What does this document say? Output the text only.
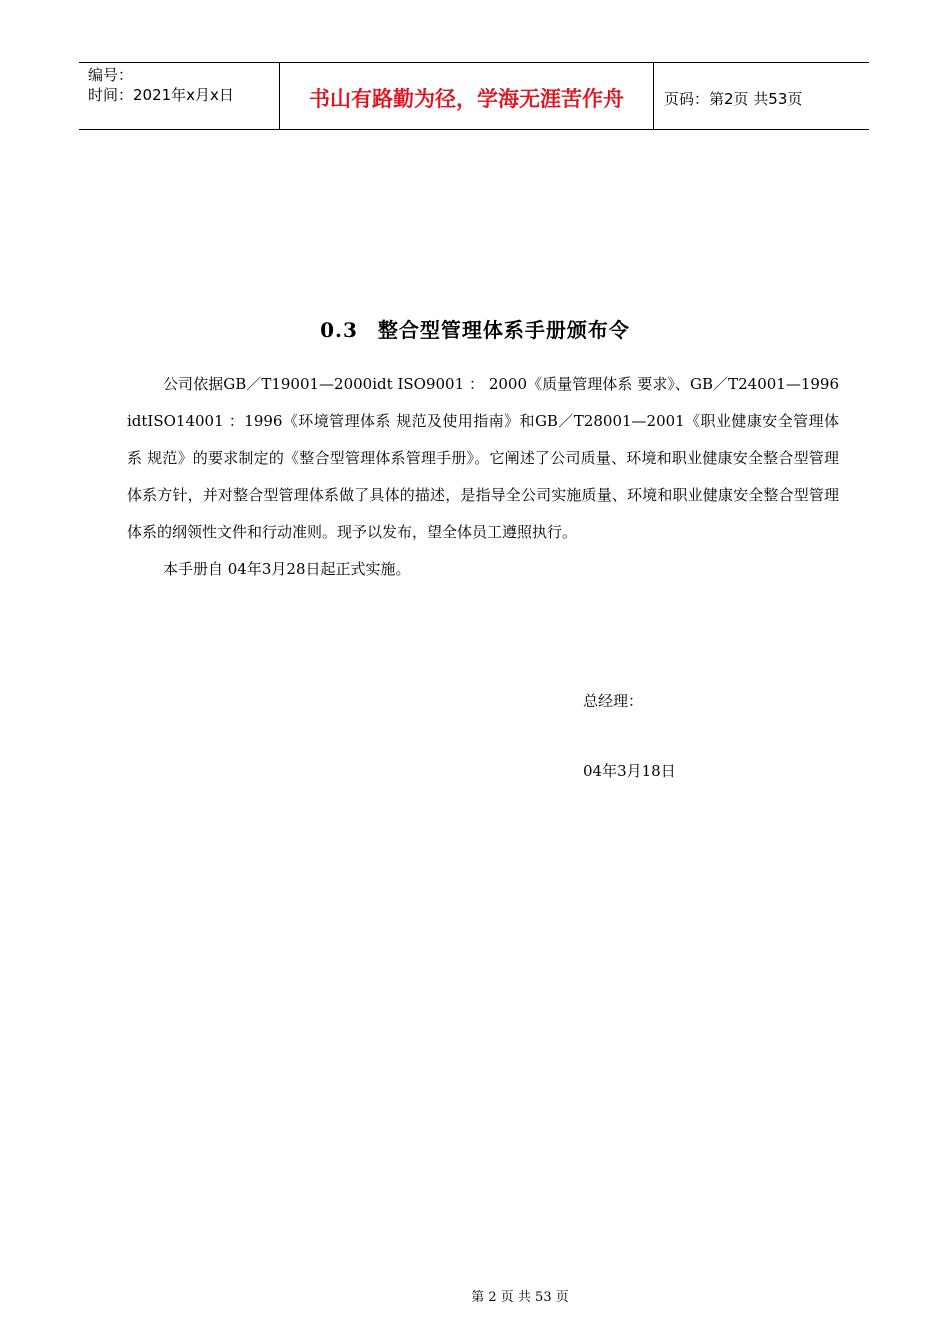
编号：
时间：2021年x月x日	书山有路勤为径，学海无涯苦作舟	页码：第2页 共53页
0.3 整合型管理体系手册颁布令

公司依据GB／T19001—2000idt ISO9001 ： 2000《质量管理体系 要求》、GB／T24001—1996 idtISO14001 ：1996《环境管理体系 规范及使用指南》和GB／T28001—2001《职业健康安全管理体系 规范》的要求制定的《整合型管理体系管理手册》。它阐述了公司质量、环境和职业健康安全整合型管理体系方针，并对整合型管理体系做了具体的描述，是指导全公司实施质量、环境和职业健康安全整合型管理体系的纲领性文件和行动准则。现予以发布，望全体员工遵照执行。

本手册自 04年3月28日起正式实施。

总经理：
04年3月18日
第 2 页 共 53 页
